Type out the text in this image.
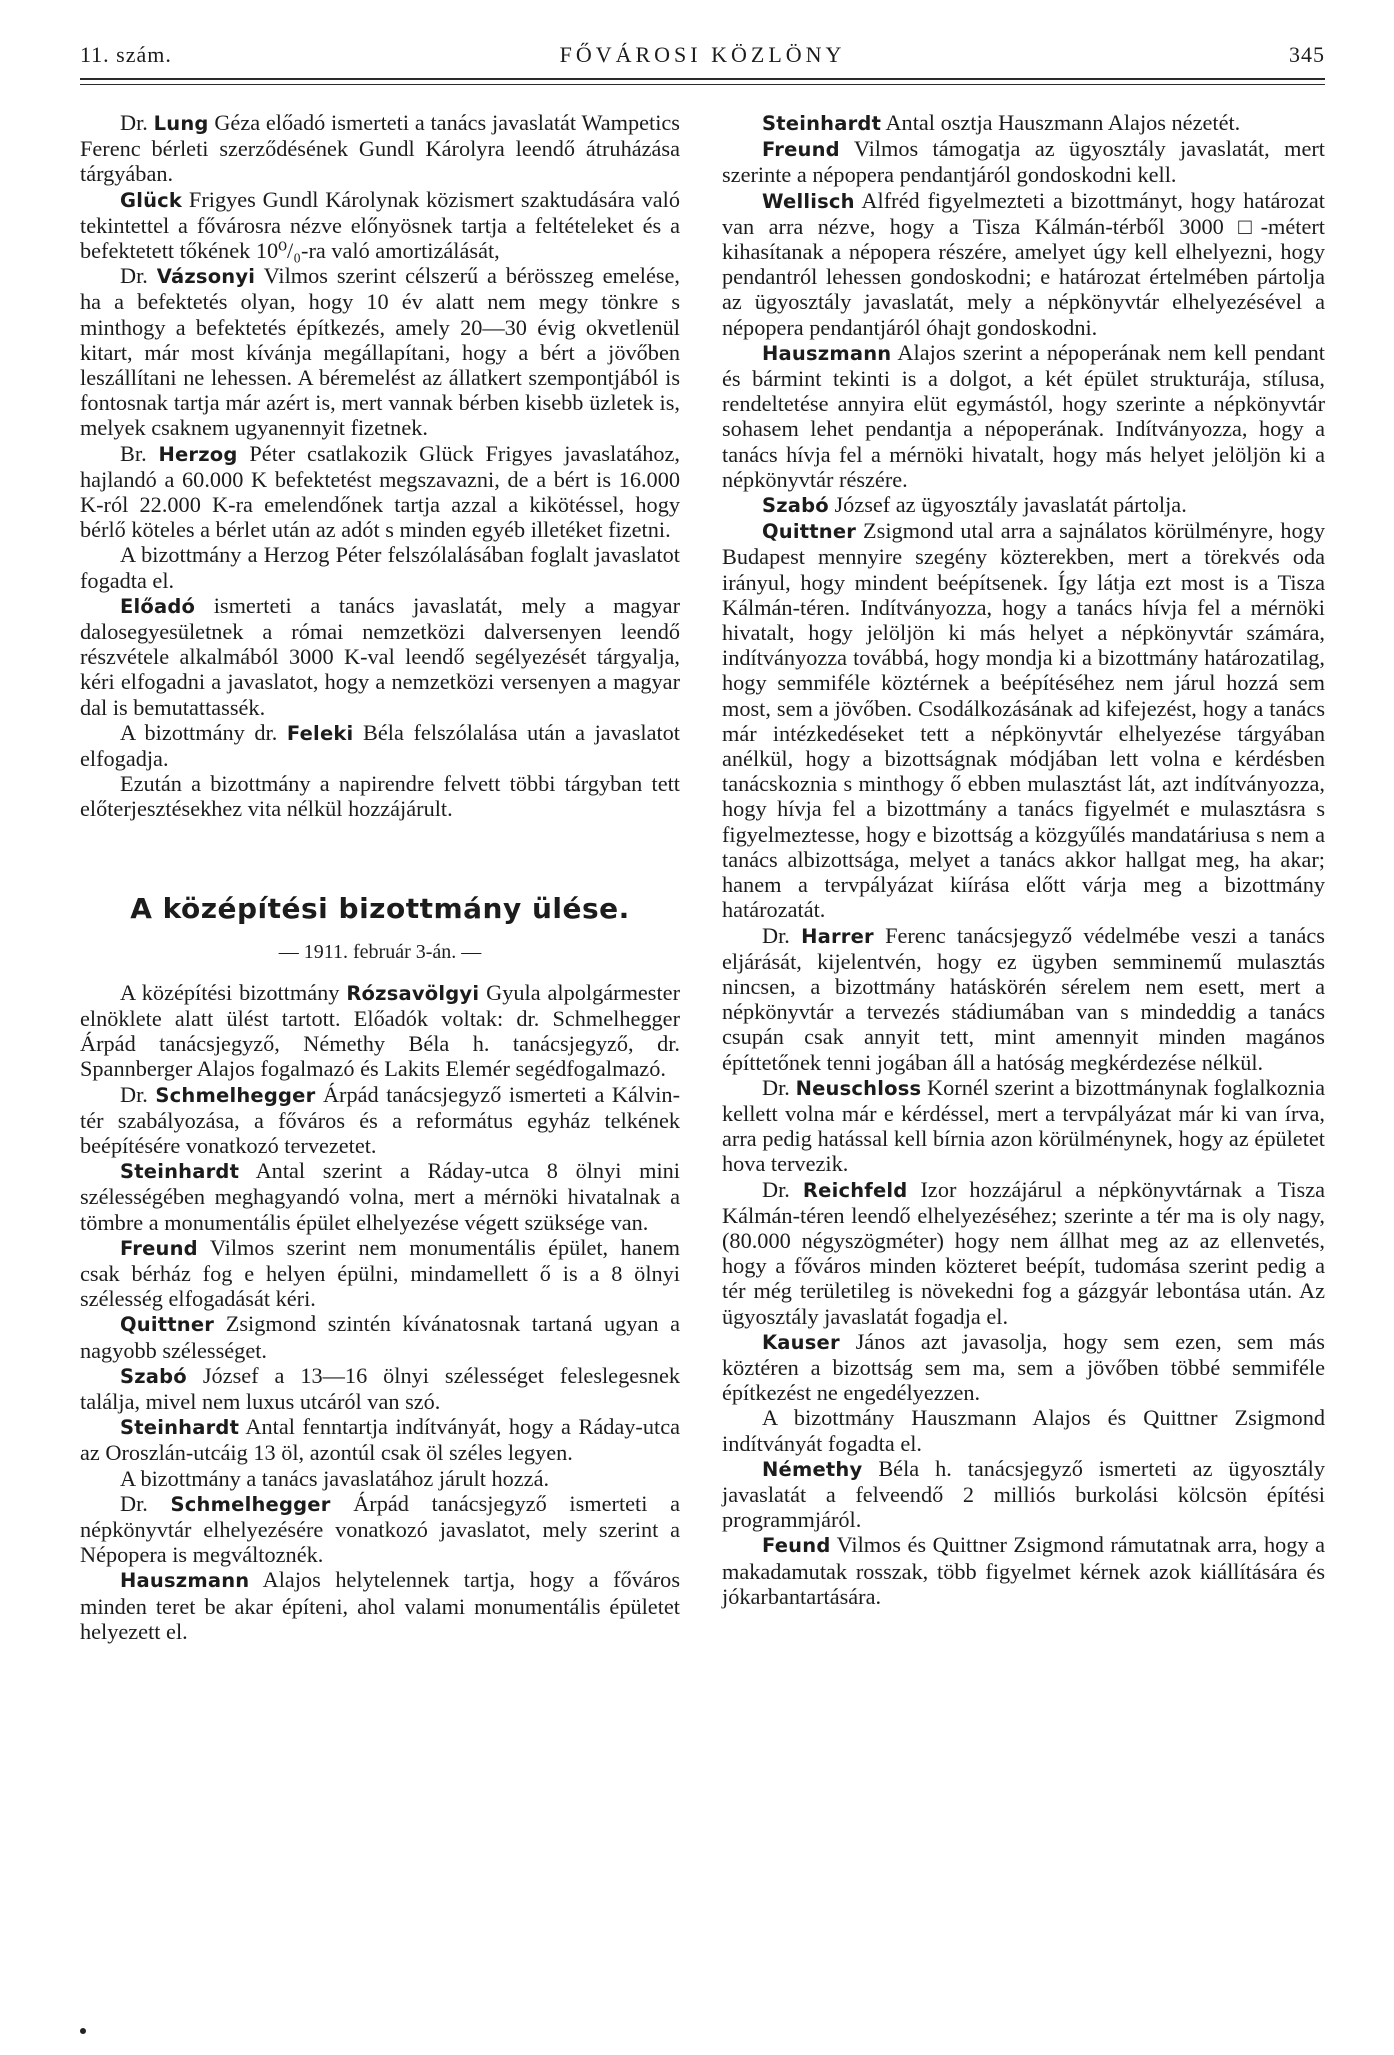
FŐVÁROSI KÖZLÖNY
11. szám.	345

Dr. Lung Géza előadó ismerteti a tanács javaslatát Wampetics Ferenc bérleti szerződésének Gundl Károlyra leendő átruházása tárgyában.

Glück Frigyes Gundl Károlynak közismert szaktudására való tekintettel a fővárosra nézve előnyösnek tartja a feltételeket és a befektetett tőkének 10⁰/₀-ra való amortizálását,

Dr. Vázsonyi Vilmos szerint célszerű a bérösszeg emelése, ha a befektetés olyan, hogy 10 év alatt nem megy tönkre s minthogy a befektetés építkezés, amely 20—30 évig okvetlenül kitart, már most kívánja megállapítani, hogy a bért a jövőben leszállítani ne lehessen. A béremelést az állatkert szempontjából is fontosnak tartja már azért is, mert vannak bérben kisebb üzletek is, melyek csaknem ugyanennyit fizetnek.

Br. Herzog Péter csatlakozik Glück Frigyes javaslatához, hajlandó a 60.000 K befektetést megszavazni, de a bért is 16.000 K-ról 22.000 K-ra emelendőnek tartja azzal a kikötéssel, hogy bérlő köteles a bérlet után az adót s minden egyéb illetéket fizetni.

A bizottmány a Herzog Péter felszólalásában foglalt javaslatot fogadta el.

Előadó ismerteti a tanács javaslatát, mely a magyar dalosegyesületnek a római nemzetközi dalversenyen leendő részvétele alkalmából 3000 K-val leendő segélyezését tárgyalja, kéri elfogadni a javaslatot, hogy a nemzetközi versenyen a magyar dal is bemutattassék.

A bizottmány dr. Feleki Béla felszólalása után a javaslatot elfogadja.

Ezután a bizottmány a napirendre felvett többi tárgyban tett előterjesztésekhez vita nélkül hozzájárult.

A középítési bizottmány ülése.
— 1911. február 3-án. —

A középítési bizottmány Rózsavölgyi Gyula alpolgármester elnöklete alatt ülést tartott. Előadók voltak: dr. Schmelhegger Árpád tanácsjegyző, Némethy Béla h. tanácsjegyző, dr. Spannberger Alajos fogalmazó és Lakits Elemér segédfogalmazó.

Dr. Schmelhegger Árpád tanácsjegyző ismerteti a Kálvin-tér szabályozása, a főváros és a református egyház telkének beépítésére vonatkozó tervezetet.

Steinhardt Antal szerint a Ráday-utca 8 ölnyi mini szélességében meghagyandó volna, mert a mérnöki hivatalnak a tömbre a monumentális épület elhelyezése végett szüksége van.

Freund Vilmos szerint nem monumentális épület, hanem csak bérház fog e helyen épülni, mindamellett ő is a 8 ölnyi szélesség elfogadását kéri.

Quittner Zsigmond szintén kívánatosnak tartaná ugyan a nagyobb szélességet.

Szabó József a 13—16 ölnyi szélességet feleslegesnek találja, mivel nem luxus utcáról van szó.

Steinhardt Antal fenntartja indítványát, hogy a Ráday-utca az Oroszlán-utcáig 13 öl, azontúl csak öl széles legyen.

A bizottmány a tanács javaslatához járult hozzá.

Dr. Schmelhegger Árpád tanácsjegyző ismerteti a népkönyvtár elhelyezésére vonatkozó javaslatot, mely szerint a Népopera is megváltoznék.

Hauszmann Alajos helytelennek tartja, hogy a főváros minden teret be akar építeni, ahol valami monumentális épületet helyezett el.

Steinhardt Antal osztja Hauszmann Alajos nézetét.

Freund Vilmos támogatja az ügyosztály javaslatát, mert szerinte a népopera pendantjáról gondoskodni kell.

Wellisch Alfréd figyelmezteti a bizottmányt, hogy határozat van arra nézve, hogy a Tisza Kálmán-térből 3000 □-métert kihasítanak a népopera részére, amelyet úgy kell elhelyezni, hogy pendantról lehessen gondoskodni; e határozat értelmében pártolja az ügyosztály javaslatát, mely a népkönyvtár elhelyezésével a népopera pendantjáról óhajt gondoskodni.

Hauszmann Alajos szerint a népoperának nem kell pendant és bármint tekinti is a dolgot, a két épület strukturája, stílusa, rendeltetése annyira elüt egymástól, hogy szerinte a népkönyvtár sohasem lehet pendantja a népoperának. Indítványozza, hogy a tanács hívja fel a mérnöki hivatalt, hogy más helyet jelöljön ki a népkönyvtár részére.

Szabó József az ügyosztály javaslatát pártolja.

Quittner Zsigmond utal arra a sajnálatos körülményre, hogy Budapest mennyire szegény közterekben, mert a törekvés oda irányul, hogy mindent beépítsenek. Így látja ezt most is a Tisza Kálmán-téren. Indítványozza, hogy a tanács hívja fel a mérnöki hivatalt, hogy jelöljön ki más helyet a népkönyvtár számára, indítványozza továbbá, hogy mondja ki a bizottmány határozatilag, hogy semmiféle köztérnek a beépítéséhez nem járul hozzá sem most, sem a jövőben. Csodálkozásának ad kifejezést, hogy a tanács már intézkedéseket tett a népkönyvtár elhelyezése tárgyában anélkül, hogy a bizottságnak módjában lett volna e kérdésben tanácskoznia s minthogy ő ebben mulasztást lát, azt indítványozza, hogy hívja fel a bizottmány a tanács figyelmét e mulasztásra s figyelmeztesse, hogy e bizottság a közgyűlés mandatáriusa s nem a tanács albizottsága, melyet a tanács akkor hallgat meg, ha akar; hanem a tervpályázat kiírása előtt várja meg a bizottmány határozatát.

Dr. Harrer Ferenc tanácsjegyző védelmébe veszi a tanács eljárását, kijelentvén, hogy ez ügyben semminemű mulasztás nincsen, a bizottmány hatáskörén sérelem nem esett, mert a népkönyvtár a tervezés stádiumában van s mindeddig a tanács csupán csak annyit tett, mint amennyit minden magános építtetőnek tenni jogában áll a hatóság megkérdezése nélkül.

Dr. Neuschloss Kornél szerint a bizottmánynak foglalkoznia kellett volna már e kérdéssel, mert a tervpályázat már ki van írva, arra pedig hatással kell bírnia azon körülménynek, hogy az épületet hova tervezik.

Dr. Reichfeld Izor hozzájárul a népkönyvtárnak a Tisza Kálmán-téren leendő elhelyezéséhez; szerinte a tér ma is oly nagy, (80.000 négyszögméter) hogy nem állhat meg az az ellenvetés, hogy a főváros minden közteret beépít, tudomása szerint pedig a tér még területileg is növekedni fog a gázgyár lebontása után. Az ügyosztály javaslatát fogadja el.

Kauser János azt javasolja, hogy sem ezen, sem más köztéren a bizottság sem ma, sem a jövőben többé semmiféle építkezést ne engedélyezzen.

A bizottmány Hauszmann Alajos és Quittner Zsigmond indítványát fogadta el.

Némethy Béla h. tanácsjegyző ismerteti az ügyosztály javaslatát a felveendő 2 milliós burkolási kölcsön építési programmjáról.

Feund Vilmos és Quittner Zsigmond rámutatnak arra, hogy a makadamutak rosszak, több figyelmet kérnek azok kiállítására és jókarbantartására.
